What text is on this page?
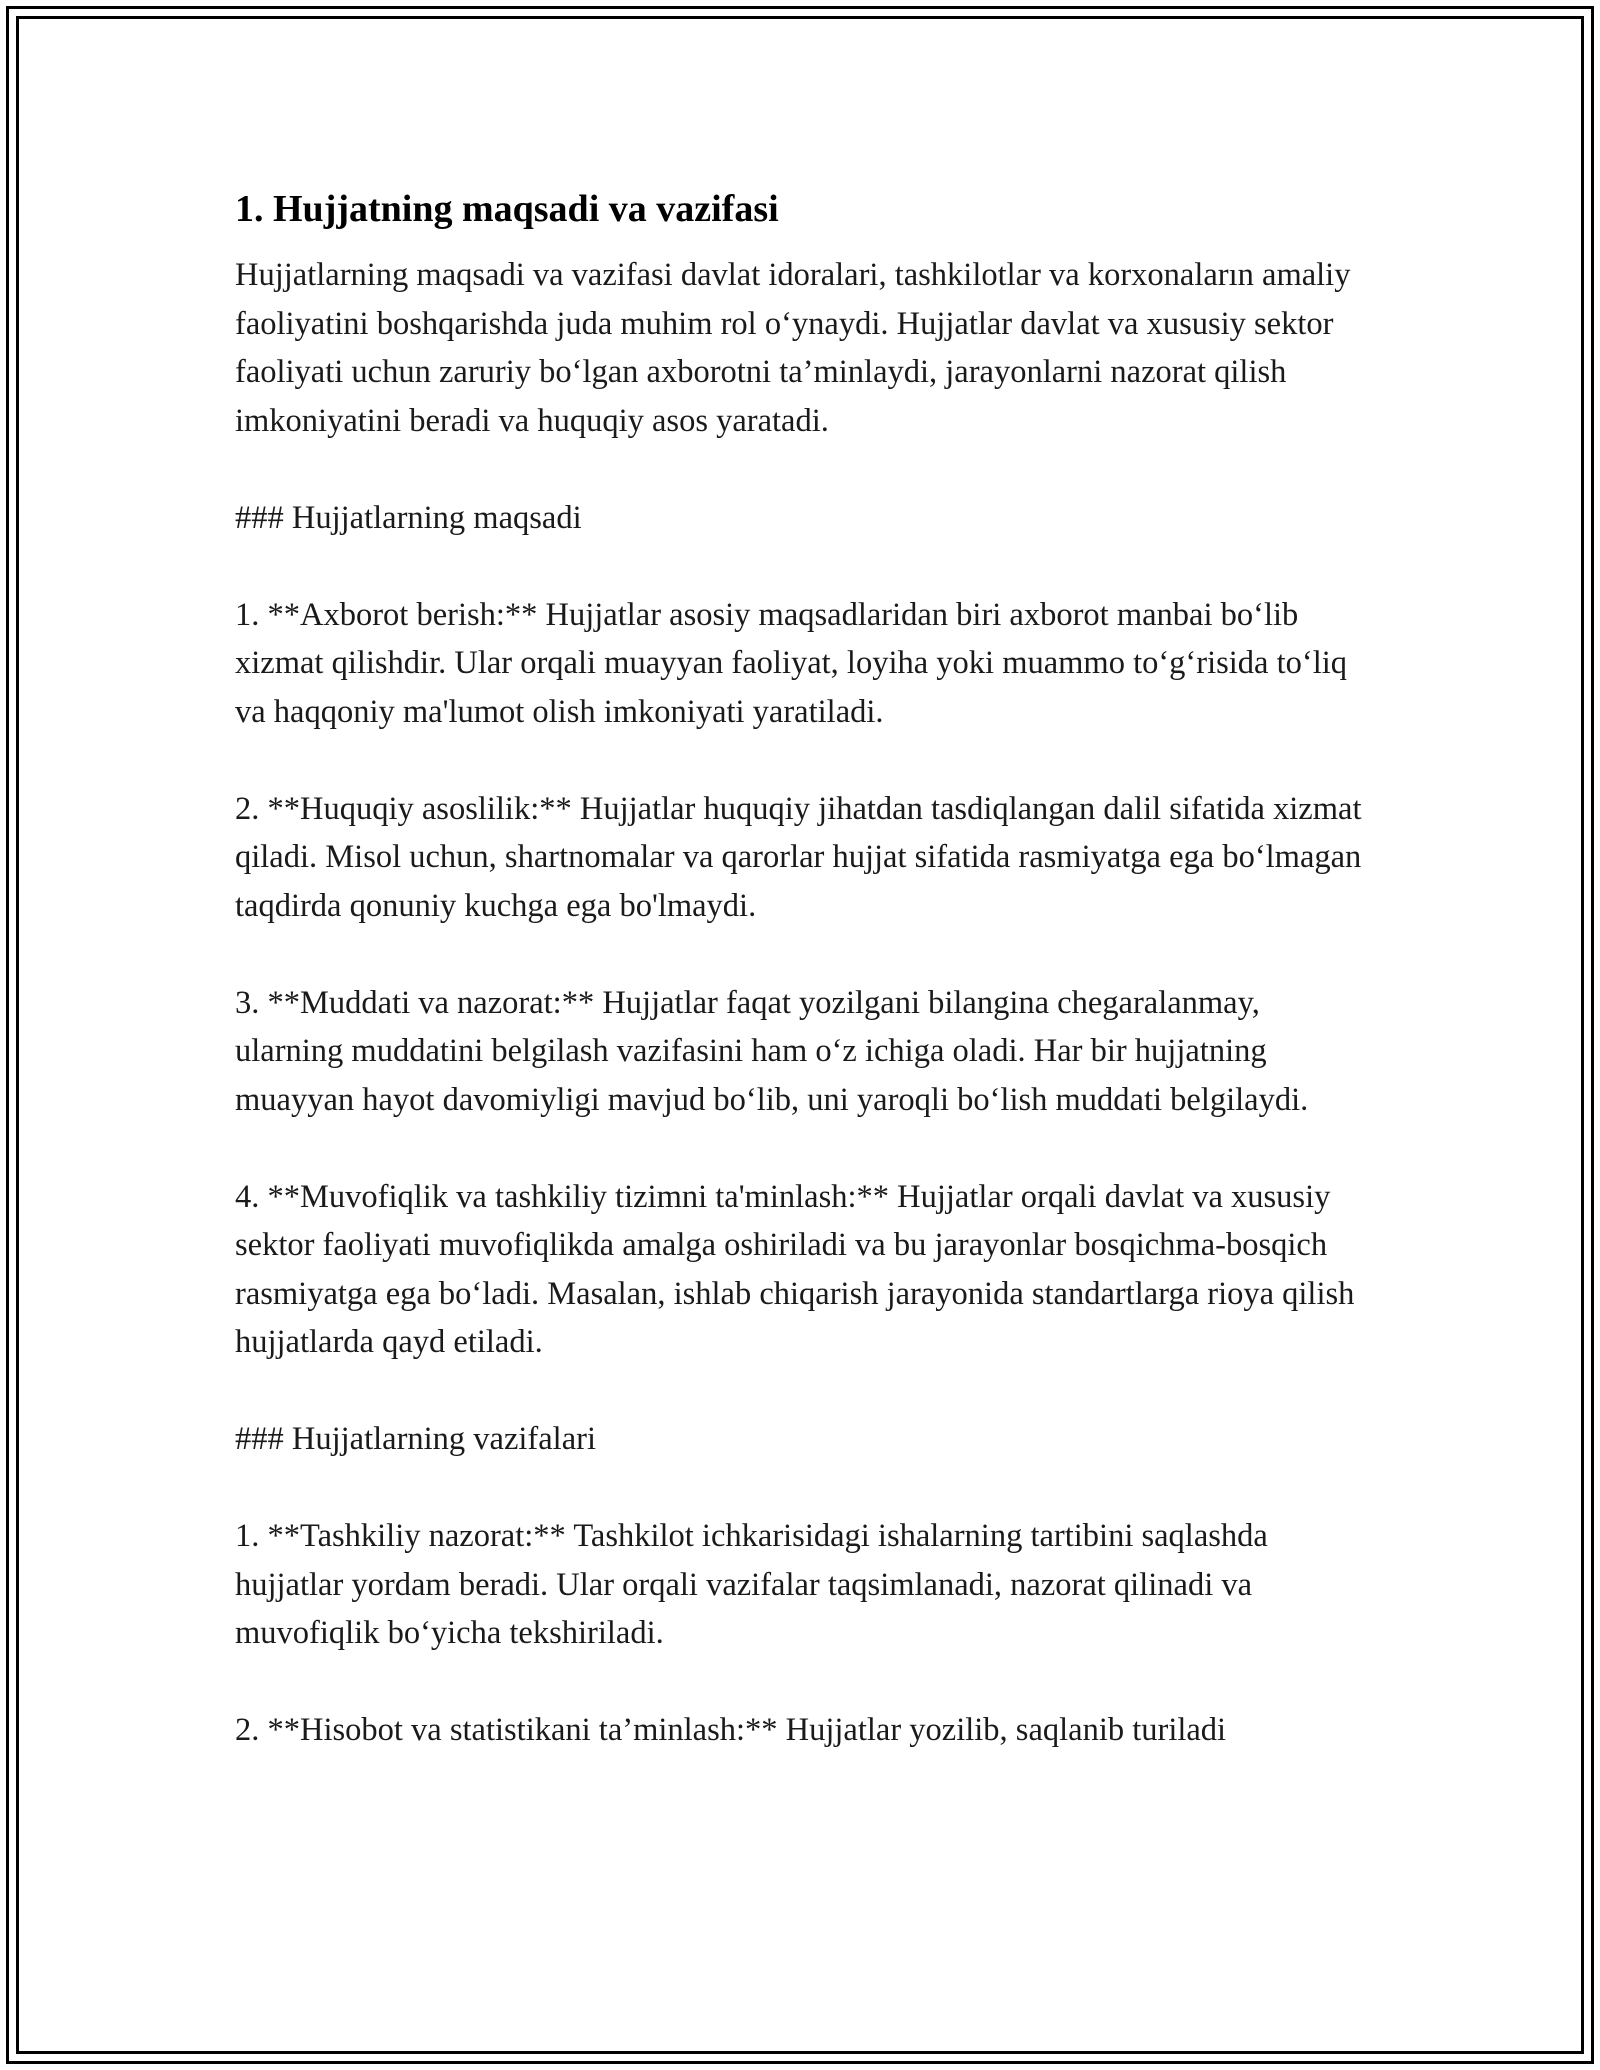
1. Hujjatning maqsadi va vazifasi

Hujjatlarning maqsadi va vazifasi davlat idoralari, tashkilotlar va korxonaların amaliy faoliyatini boshqarishda juda muhim rol o‘ynaydi. Hujjatlar davlat va xususiy sektor faoliyati uchun zaruriy bo‘lgan axborotni ta’minlaydi, jarayonlarni nazorat qilish imkoniyatini beradi va huquqiy asos yaratadi.

### Hujjatlarning maqsadi

1. **Axborot berish:** Hujjatlar asosiy maqsadlaridan biri axborot manbai bo‘lib xizmat qilishdir. Ular orqali muayyan faoliyat, loyiha yoki muammo to‘g‘risida to‘liq va haqqoniy ma'lumot olish imkoniyati yaratiladi.

2. **Huquqiy asoslilik:** Hujjatlar huquqiy jihatdan tasdiqlangan dalil sifatida xizmat qiladi. Misol uchun, shartnomalar va qarorlar hujjat sifatida rasmiyatga ega bo‘lmagan taqdirda qonuniy kuchga ega bo'lmaydi.

3. **Muddati va nazorat:** Hujjatlar faqat yozilgani bilangina chegaralanmay, ularning muddatini belgilash vazifasini ham o‘z ichiga oladi. Har bir hujjatning muayyan hayot davomiyligi mavjud bo‘lib, uni yaroqli bo‘lish muddati belgilaydi.

4. **Muvofiqlik va tashkiliy tizimni ta'minlash:** Hujjatlar orqali davlat va xususiy sektor faoliyati muvofiqlikda amalga oshiriladi va bu jarayonlar bosqichma-bosqich rasmiyatga ega bo‘ladi. Masalan, ishlab chiqarish jarayonida standartlarga rioya qilish hujjatlarda qayd etiladi.

### Hujjatlarning vazifalari

1. **Tashkiliy nazorat:** Tashkilot ichkarisidagi ishalarning tartibini saqlashda hujjatlar yordam beradi. Ular orqali vazifalar taqsimlanadi, nazorat qilinadi va muvofiqlik bo‘yicha tekshiriladi.

2. **Hisobot va statistikani ta’minlash:** Hujjatlar yozilib, saqlanib turiladi
